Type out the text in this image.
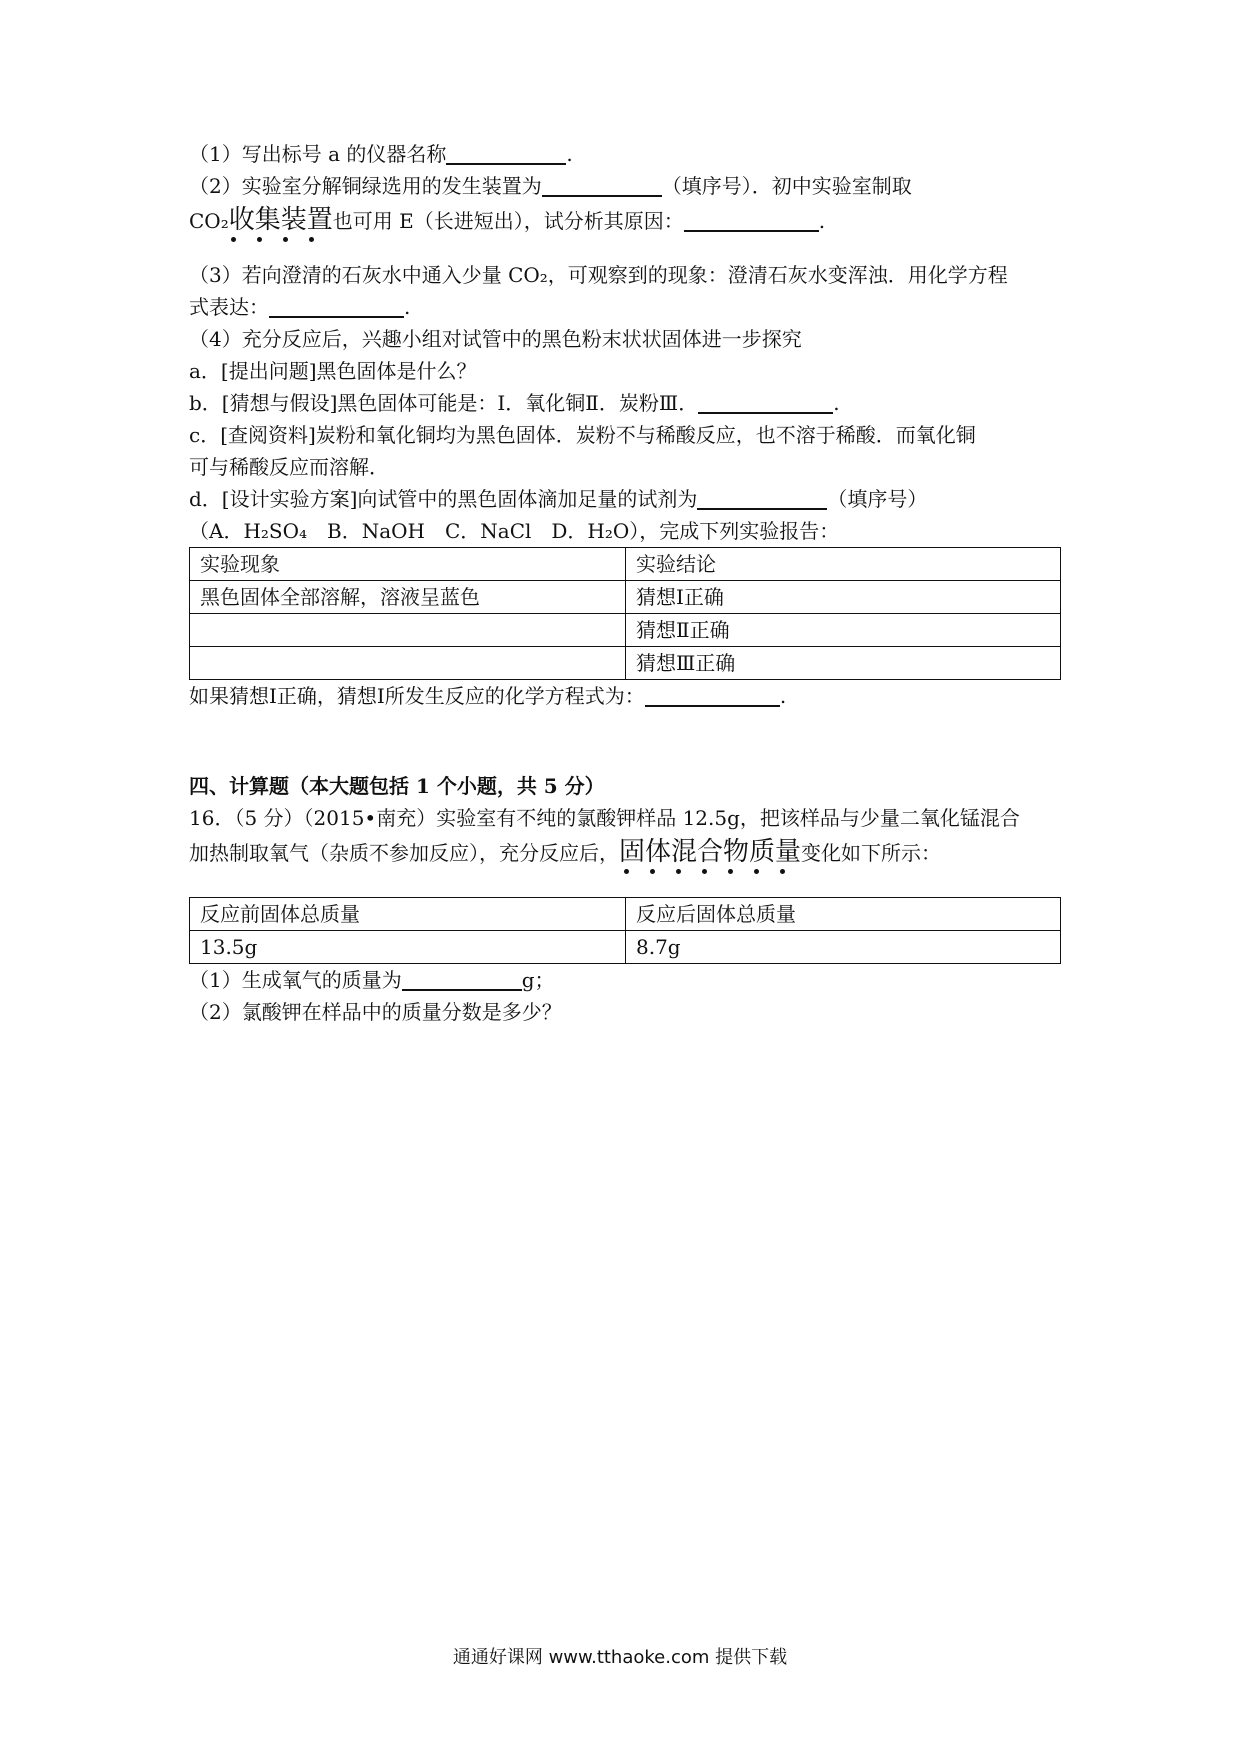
（1）写出标号 a 的仪器名称	.
（2）实验室分解铜绿选用的发生装置为	（填序号）．初中实验室制取
CO₂收集装置也可用 E（长进短出），试分析其原因：	.
（3）若向澄清的石灰水中通入少量 CO₂，可观察到的现象：澄清石灰水变浑浊．用化学方程
式表达：	.
（4）充分反应后，兴趣小组对试管中的黑色粉末状状固体进一步探究
a．[提出问题]黑色固体是什么？
b．[猜想与假设]黑色固体可能是：Ⅰ．氧化铜Ⅱ．炭粉Ⅲ．	.
c．[查阅资料]炭粉和氧化铜均为黑色固体．炭粉不与稀酸反应，也不溶于稀酸．而氧化铜
可与稀酸反应而溶解．
d．[设计实验方案]向试管中的黑色固体滴加足量的试剂为	（填序号）
（A．H₂SO₄　B．NaOH　C．NaCl　D．H₂O），完成下列实验报告：
实验现象	实验结论
黑色固体全部溶解，溶液呈蓝色	猜想Ⅰ正确
	猜想Ⅱ正确
	猜想Ⅲ正确
如果猜想Ⅰ正确，猜想Ⅰ所发生反应的化学方程式为：	.
四、计算题（本大题包括 1 个小题，共 5 分）
16．（5 分）（2015•南充）实验室有不纯的氯酸钾样品 12.5g，把该样品与少量二氧化锰混合
加热制取氧气（杂质不参加反应），充分反应后，固体混合物质量变化如下所示：
反应前固体总质量	反应后固体总质量
13.5g	8.7g
（1）生成氧气的质量为	g；
（2）氯酸钾在样品中的质量分数是多少？
通通好课网 www.tthaoke.com 提供下载
